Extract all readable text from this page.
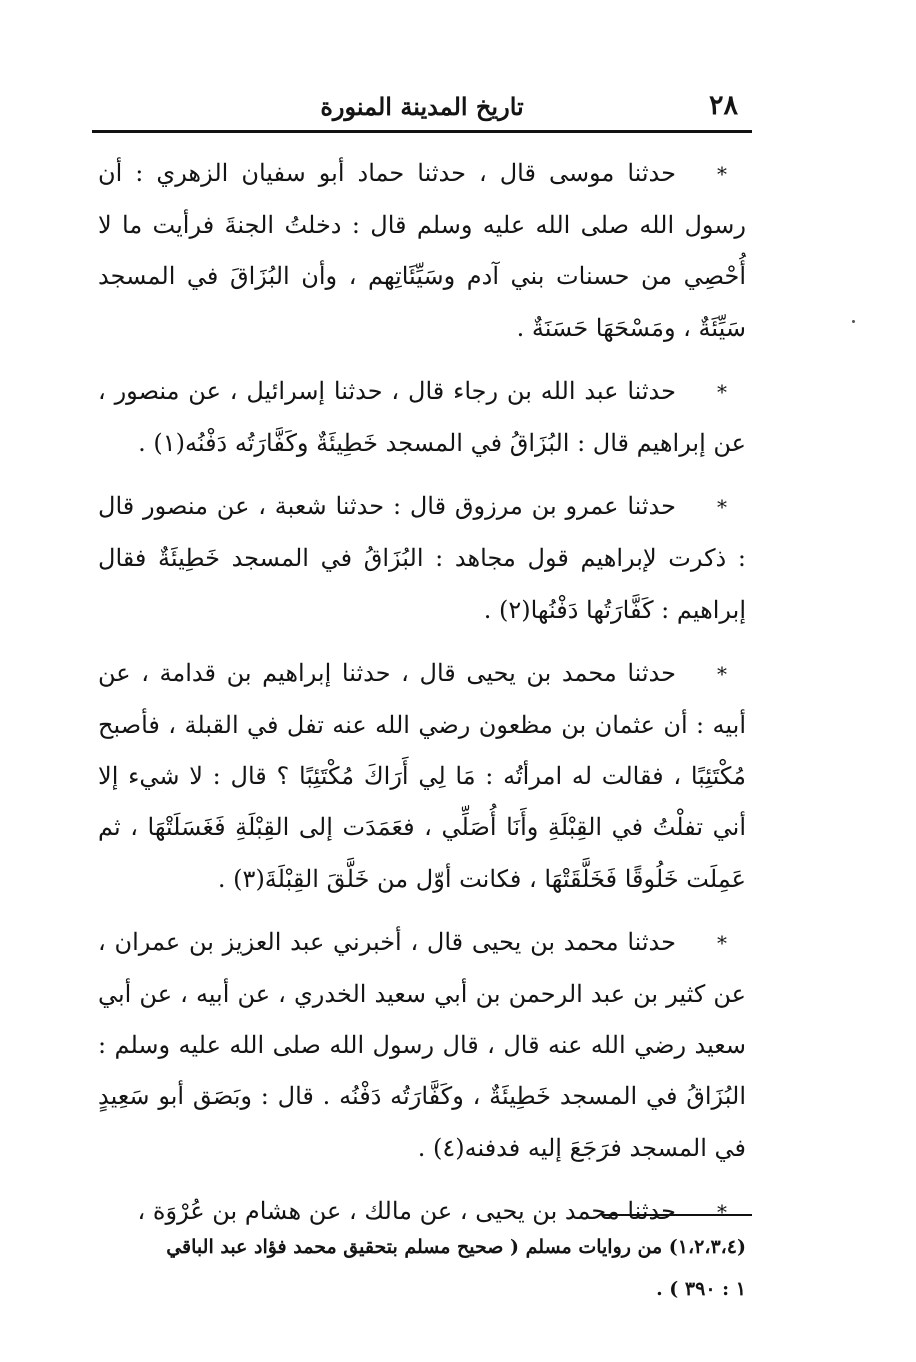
٢٨
تاريخ المدينة المنورة

*حدثنا موسى قال ، حدثنا حماد أبو سفيان الزهري : أن رسول الله صلى الله عليه وسلم قال : دخلتُ الجنةَ فرأيت ما لا أُحْصِي من حسنات بني آدم وسَيِّئَاتِهم ، وأن البُزَاقَ في المسجد سَيِّئَةٌ ، ومَسْحَهَا حَسَنَةٌ .

*حدثنا عبد الله بن رجاء قال ، حدثنا إسرائيل ، عن منصور ، عن إبراهيم قال : البُزَاقُ في المسجد خَطِيئَةٌ وكَفَّارَتُه دَفْنُه(١) .

*حدثنا عمرو بن مرزوق قال : حدثنا شعبة ، عن منصور قال : ذكرت لإبراهيم قول مجاهد : البُزَاقُ في المسجد خَطِيئَةٌ فقال إبراهيم : كَفَّارَتُها دَفْنُها(٢) .

*حدثنا محمد بن يحيى قال ، حدثنا إبراهيم بن قدامة ، عن أبيه : أن عثمان بن مظعون رضي الله عنه تفل في القبلة ، فأصبح مُكْتَئِبًا ، فقالت له امرأتُه : مَا لِي أَرَاكَ مُكْتَئِبًا ؟ قال : لا شيء إلا أني تفلْتُ في القِبْلَةِ وأَنَا أُصَلِّي ، فعَمَدَت إلى القِبْلَةِ فَغَسَلَتْهَا ، ثم عَمِلَت خَلُوقًا فَخَلَّقَتْهَا ، فكانت أوّل من خَلَّقَ القِبْلَةَ(٣) .

*حدثنا محمد بن يحيى قال ، أخبرني عبد العزيز بن عمران ، عن كثير بن عبد الرحمن بن أبي سعيد الخدري ، عن أبيه ، عن أبي سعيد رضي الله عنه قال ، قال رسول الله صلى الله عليه وسلم : البُزَاقُ في المسجد خَطِيئَةٌ ، وكَفَّارَتُه دَفْنُه . قال : وبَصَق أبو سَعِيدٍ في المسجد فرَجَعَ إليه فدفنه(٤) .

*حدثنا محمد بن يحيى ، عن مالك ، عن هشام بن عُرْوَة ،

(١،٢،٣،٤) من روايات مسلم ( صحيح مسلم بتحقيق محمد فؤاد عبد الباقي
١ : ٣٩٠ ) .
